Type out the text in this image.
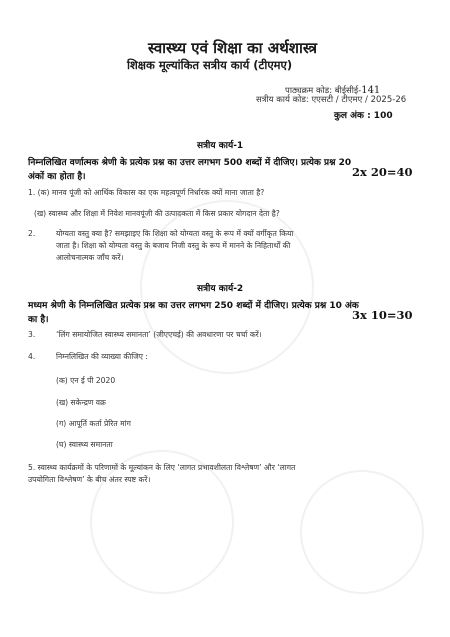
स्वास्थ्य एवं शिक्षा का अर्थशास्त्र
शिक्षक मूल्यांकित सत्रीय कार्य (टीएमए)
पाठ्यक्रम कोड: बीईसीई-141
सत्रीय कार्य कोड: एएसटी / टीएमए / 2025-26
कुल अंक : 100
सत्रीय कार्य-1
निम्नलिखित वर्णात्मक श्रेणी के प्रत्येक प्रश्न का उत्तर लगभग 500 शब्दों में दीजिए। प्रत्येक प्रश्न 20
अंकों का होता है।	2x 20=40
1. (क) मानव पूंजी को आर्थिक विकास का एक महत्वपूर्ण निर्धारक क्यों माना जाता है?
(ख) स्वास्थ्य और शिक्षा में निवेश मानवपूंजी की उत्पादकता में किस प्रकार योगदान देता है?
2.	योग्यता वस्तु क्या है? समझाइए कि शिक्षा को योग्यता वस्तु के रूप में क्यों वर्गीकृत किया
जाता है। शिक्षा को योग्यता वस्तु के बजाय निजी वस्तु के रूप में मानने के निहितार्थों की
आलोचनात्मक जाँच करें।
सत्रीय कार्य-2
मध्यम श्रेणी के निम्नलिखित प्रत्येक प्रश्न का उत्तर लगभग 250 शब्दों में दीजिए। प्रत्येक प्रश्न 10 अंक
का है।	3x 10=30
3.	‘लिंग समायोजित स्वास्थ्य समानता’ (जीएएचई) की अवधारणा पर चर्चा करें।
4.	निम्नलिखित की व्याख्या कीजिए :
(क) एन ई पी 2020
(ख) सकेन्द्रण वक्र
(ग) आपूर्ति कर्ता प्रेरित मांग
(घ) स्वास्थ्य समानता
5. स्वास्थ्य कार्यक्रमों के परिणामों के मूल्यांकन के लिए ‘लागत प्रभावशीलता विश्लेषण’ और ‘लागत
उपयोगिता विश्लेषण’ के बीच अंतर स्पष्ट करें।
